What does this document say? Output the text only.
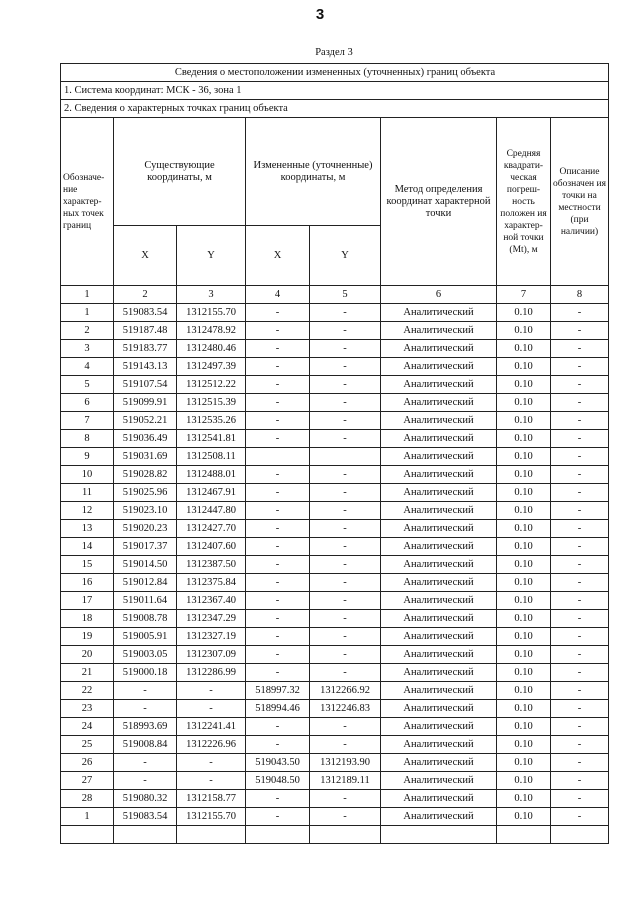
3
Раздел 3
Сведения о местоположении измененных (уточненных) границ объекта							
1. Система координат: МСК - 36, зона 1							
2. Сведения о характерных точках границ объекта							
Обозначе-ние характер-ных точек границ	Существующие координаты, м		Измененные (уточненные) координаты, м		Метод определения координат характерной точки	Средняя квадрати-ческая погреш-ность положен ия характер-ной точки (Mt), м	Описание обозначен ия точки на местности (при наличии)
	X	Y	X	Y			
1	2	3	4	5	6	7	8
1	519083.54	1312155.70	-	-	Аналитический	0.10	-
2	519187.48	1312478.92	-	-	Аналитический	0.10	-
3	519183.77	1312480.46	-	-	Аналитический	0.10	-
4	519143.13	1312497.39	-	-	Аналитический	0.10	-
5	519107.54	1312512.22	-	-	Аналитический	0.10	-
6	519099.91	1312515.39	-	-	Аналитический	0.10	-
7	519052.21	1312535.26	-	-	Аналитический	0.10	-
8	519036.49	1312541.81	-	-	Аналитический	0.10	-
9	519031.69	1312508.11			Аналитический	0.10	-
10	519028.82	1312488.01	-	-	Аналитический	0.10	-
11	519025.96	1312467.91	-	-	Аналитический	0.10	-
12	519023.10	1312447.80	-	-	Аналитический	0.10	-
13	519020.23	1312427.70	-	-	Аналитический	0.10	-
14	519017.37	1312407.60	-	-	Аналитический	0.10	-
15	519014.50	1312387.50	-	-	Аналитический	0.10	-
16	519012.84	1312375.84	-	-	Аналитический	0.10	-
17	519011.64	1312367.40	-	-	Аналитический	0.10	-
18	519008.78	1312347.29	-	-	Аналитический	0.10	-
19	519005.91	1312327.19	-	-	Аналитический	0.10	-
20	519003.05	1312307.09	-	-	Аналитический	0.10	-
21	519000.18	1312286.99	-	-	Аналитический	0.10	-
22	-	-	518997.32	1312266.92	Аналитический	0.10	-
23	-	-	518994.46	1312246.83	Аналитический	0.10	-
24	518993.69	1312241.41	-	-	Аналитический	0.10	-
25	519008.84	1312226.96	-	-	Аналитический	0.10	-
26	-	-	519043.50	1312193.90	Аналитический	0.10	-
27	-	-	519048.50	1312189.11	Аналитический	0.10	-
28	519080.32	1312158.77	-	-	Аналитический	0.10	-
1	519083.54	1312155.70	-	-	Аналитический	0.10	-
